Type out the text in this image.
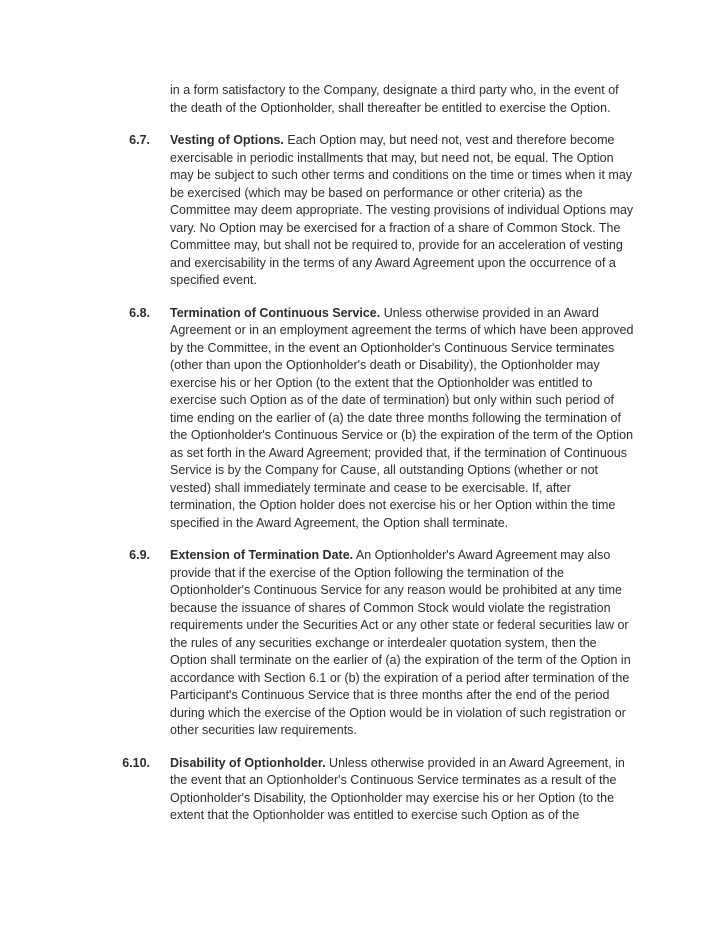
in a form satisfactory to the Company, designate a third party who, in the event of the death of the Optionholder, shall thereafter be entitled to exercise the Option.

6.7. Vesting of Options. Each Option may, but need not, vest and therefore become exercisable in periodic installments that may, but need not, be equal. The Option may be subject to such other terms and conditions on the time or times when it may be exercised (which may be based on performance or other criteria) as the Committee may deem appropriate. The vesting provisions of individual Options may vary. No Option may be exercised for a fraction of a share of Common Stock. The Committee may, but shall not be required to, provide for an acceleration of vesting and exercisability in the terms of any Award Agreement upon the occurrence of a specified event.

6.8. Termination of Continuous Service. Unless otherwise provided in an Award Agreement or in an employment agreement the terms of which have been approved by the Committee, in the event an Optionholder's Continuous Service terminates (other than upon the Optionholder's death or Disability), the Optionholder may exercise his or her Option (to the extent that the Optionholder was entitled to exercise such Option as of the date of termination) but only within such period of time ending on the earlier of (a) the date three months following the termination of the Optionholder's Continuous Service or (b) the expiration of the term of the Option as set forth in the Award Agreement; provided that, if the termination of Continuous Service is by the Company for Cause, all outstanding Options (whether or not vested) shall immediately terminate and cease to be exercisable. If, after termination, the Option holder does not exercise his or her Option within the time specified in the Award Agreement, the Option shall terminate.

6.9. Extension of Termination Date. An Optionholder's Award Agreement may also provide that if the exercise of the Option following the termination of the Optionholder's Continuous Service for any reason would be prohibited at any time because the issuance of shares of Common Stock would violate the registration requirements under the Securities Act or any other state or federal securities law or the rules of any securities exchange or interdealer quotation system, then the Option shall terminate on the earlier of (a) the expiration of the term of the Option in accordance with Section 6.1 or (b) the expiration of a period after termination of the Participant's Continuous Service that is three months after the end of the period during which the exercise of the Option would be in violation of such registration or other securities law requirements.

6.10. Disability of Optionholder. Unless otherwise provided in an Award Agreement, in the event that an Optionholder's Continuous Service terminates as a result of the Optionholder's Disability, the Optionholder may exercise his or her Option (to the extent that the Optionholder was entitled to exercise such Option as of the
